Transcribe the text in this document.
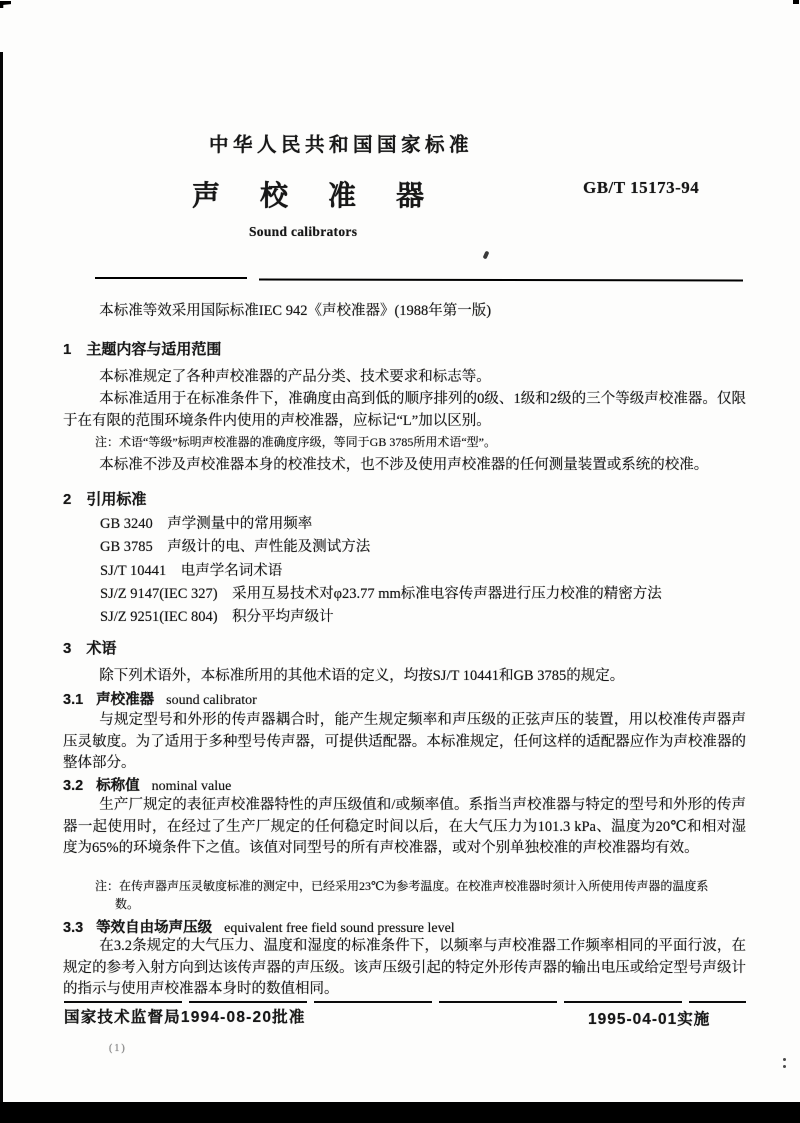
中华人民共和国国家标准
声校准器	GB/T 15173-94
Sound calibrators
本标准等效采用国际标准IEC 942《声校准器》(1988年第一版)
1 主题内容与适用范围
本标准规定了各种声校准器的产品分类、技术要求和标志等。
本标准适用于在标准条件下，准确度由高到低的顺序排列的0级、1级和2级的三个等级声校准器。仅限于在有限的范围环境条件内使用的声校准器，应标记“L”加以区别。
注：术语“等级”标明声校准器的准确度序级，等同于GB 3785所用术语“型”。
本标准不涉及声校准器本身的校准技术，也不涉及使用声校准器的任何测量装置或系统的校准。
2 引用标准
GB 3240　声学测量中的常用频率
GB 3785　声级计的电、声性能及测试方法
SJ/T 10441　电声学名词术语
SJ/Z 9147(IEC 327)　采用互易技术对φ23.77 mm标准电容传声器进行压力校准的精密方法
SJ/Z 9251(IEC 804)　积分平均声级计
3 术语
除下列术语外，本标准所用的其他术语的定义，均按SJ/T 10441和GB 3785的规定。
3.1 声校准器 sound calibrator
与规定型号和外形的传声器耦合时，能产生规定频率和声压级的正弦声压的装置，用以校准传声器声压灵敏度。为了适用于多种型号传声器，可提供适配器。本标准规定，任何这样的适配器应作为声校准器的整体部分。
3.2 标称值 nominal value
生产厂规定的表征声校准器特性的声压级值和/或频率值。系指当声校准器与特定的型号和外形的传声器一起使用时，在经过了生产厂规定的任何稳定时间以后，在大气压力为101.3 kPa、温度为20℃和相对湿度为65%的环境条件下之值。该值对同型号的所有声校准器，或对个别单独校准的声校准器均有效。
注：在传声器声压灵敏度标准的测定中，已经采用23℃为参考温度。在校准声校准器时须计入所使用传声器的温度系数。
3.3 等效自由场声压级 equivalent free field sound pressure level
在3.2条规定的大气压力、温度和湿度的标准条件下，以频率与声校准器工作频率相同的平面行波，在规定的参考入射方向到达该传声器的声压级。该声压级引起的特定外形传声器的输出电压或给定型号声级计的指示与使用声校准器本身时的数值相同。
国家技术监督局1994-08-20批准	1995-04-01实施
(1)
